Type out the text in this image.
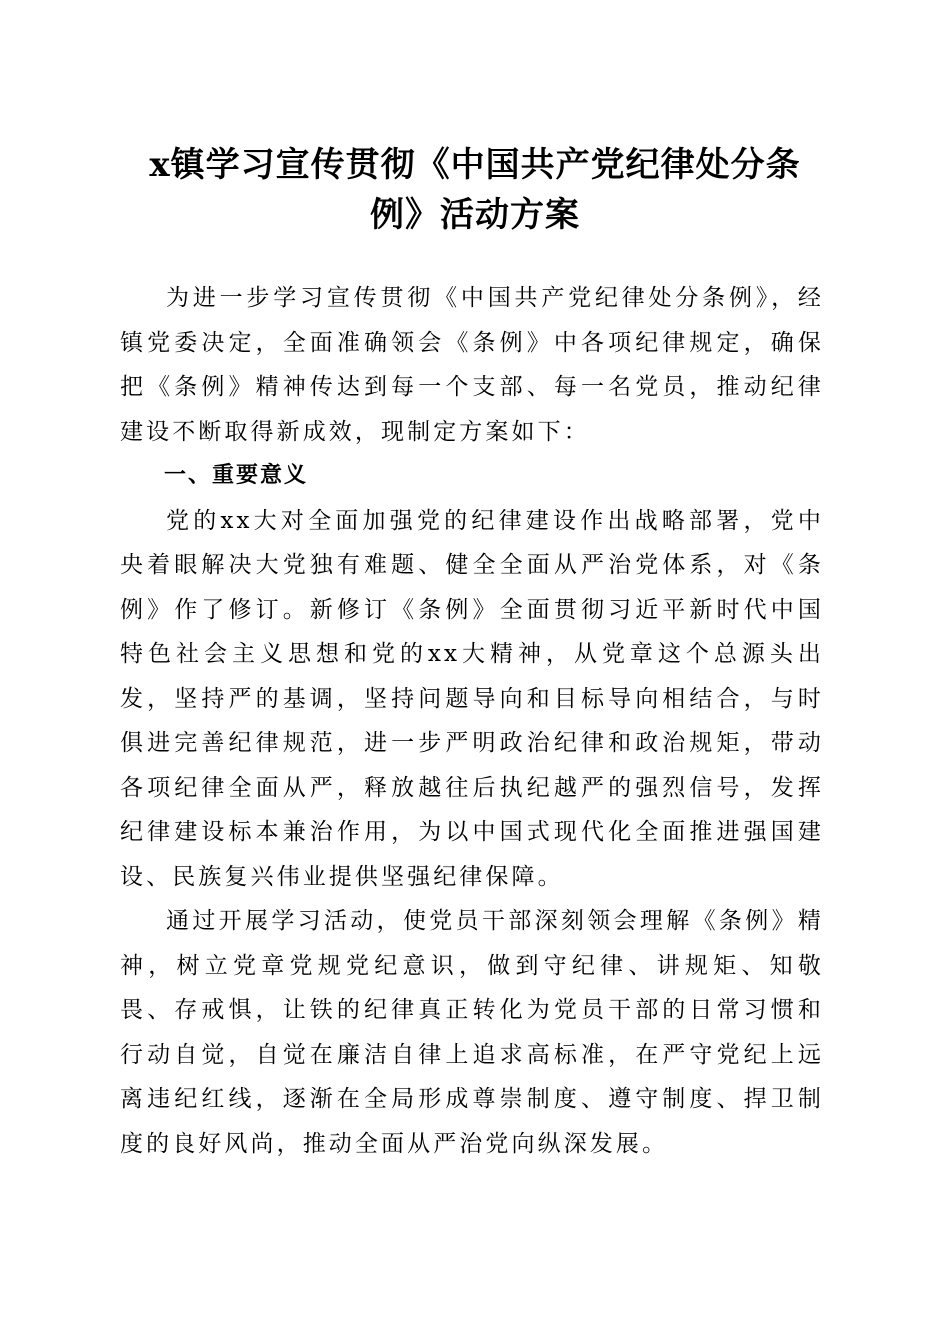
x镇学习宣传贯彻《中国共产党纪律处分条例》活动方案

为进一步学习宣传贯彻《中国共产党纪律处分条例》，经镇党委决定，全面准确领会《条例》中各项纪律规定，确保把《条例》精神传达到每一个支部、每一名党员，推动纪律建设不断取得新成效，现制定方案如下：

一、重要意义

党的xx大对全面加强党的纪律建设作出战略部署，党中央着眼解决大党独有难题、健全全面从严治党体系，对《条例》作了修订。新修订《条例》全面贯彻习近平新时代中国特色社会主义思想和党的xx大精神，从党章这个总源头出发，坚持严的基调，坚持问题导向和目标导向相结合，与时俱进完善纪律规范，进一步严明政治纪律和政治规矩，带动各项纪律全面从严，释放越往后执纪越严的强烈信号，发挥纪律建设标本兼治作用，为以中国式现代化全面推进强国建设、民族复兴伟业提供坚强纪律保障。

通过开展学习活动，使党员干部深刻领会理解《条例》精神，树立党章党规党纪意识，做到守纪律、讲规矩、知敬畏、存戒惧，让铁的纪律真正转化为党员干部的日常习惯和行动自觉，自觉在廉洁自律上追求高标准，在严守党纪上远离违纪红线，逐渐在全局形成尊崇制度、遵守制度、捍卫制度的良好风尚，推动全面从严治党向纵深发展。
